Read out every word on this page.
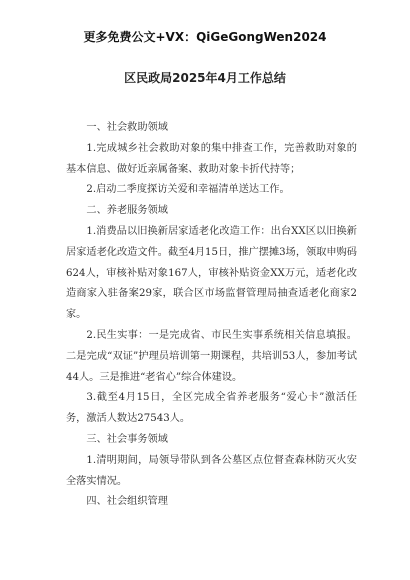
更多免费公文+VX：QiGeGongWen2024
区民政局2025年4月工作总结

一、社会救助领域

1.完成城乡社会救助对象的集中排查工作，完善救助对象的基本信息、做好近亲属备案、救助对象卡折代持等；

2.启动二季度探访关爱和幸福清单送达工作。

二、养老服务领域

1.消费品以旧换新居家适老化改造工作：出台XX区以旧换新居家适老化改造文件。截至4月15日，推广摆摊3场，领取申购码624人，审核补贴对象167人，审核补贴资金XX万元，适老化改造商家入驻备案29家，联合区市场监督管理局抽查适老化商家2家。

2.民生实事：一是完成省、市民生实事系统相关信息填报。二是完成“双证”护理员培训第一期课程，共培训53人，参加考试44人。三是推进“老省心”综合体建设。

3.截至4月15日，全区完成全省养老服务“爱心卡”激活任务，激活人数达27543人。

三、社会事务领域

1.清明期间，局领导带队到各公墓区点位督查森林防灭火安全落实情况。

四、社会组织管理
